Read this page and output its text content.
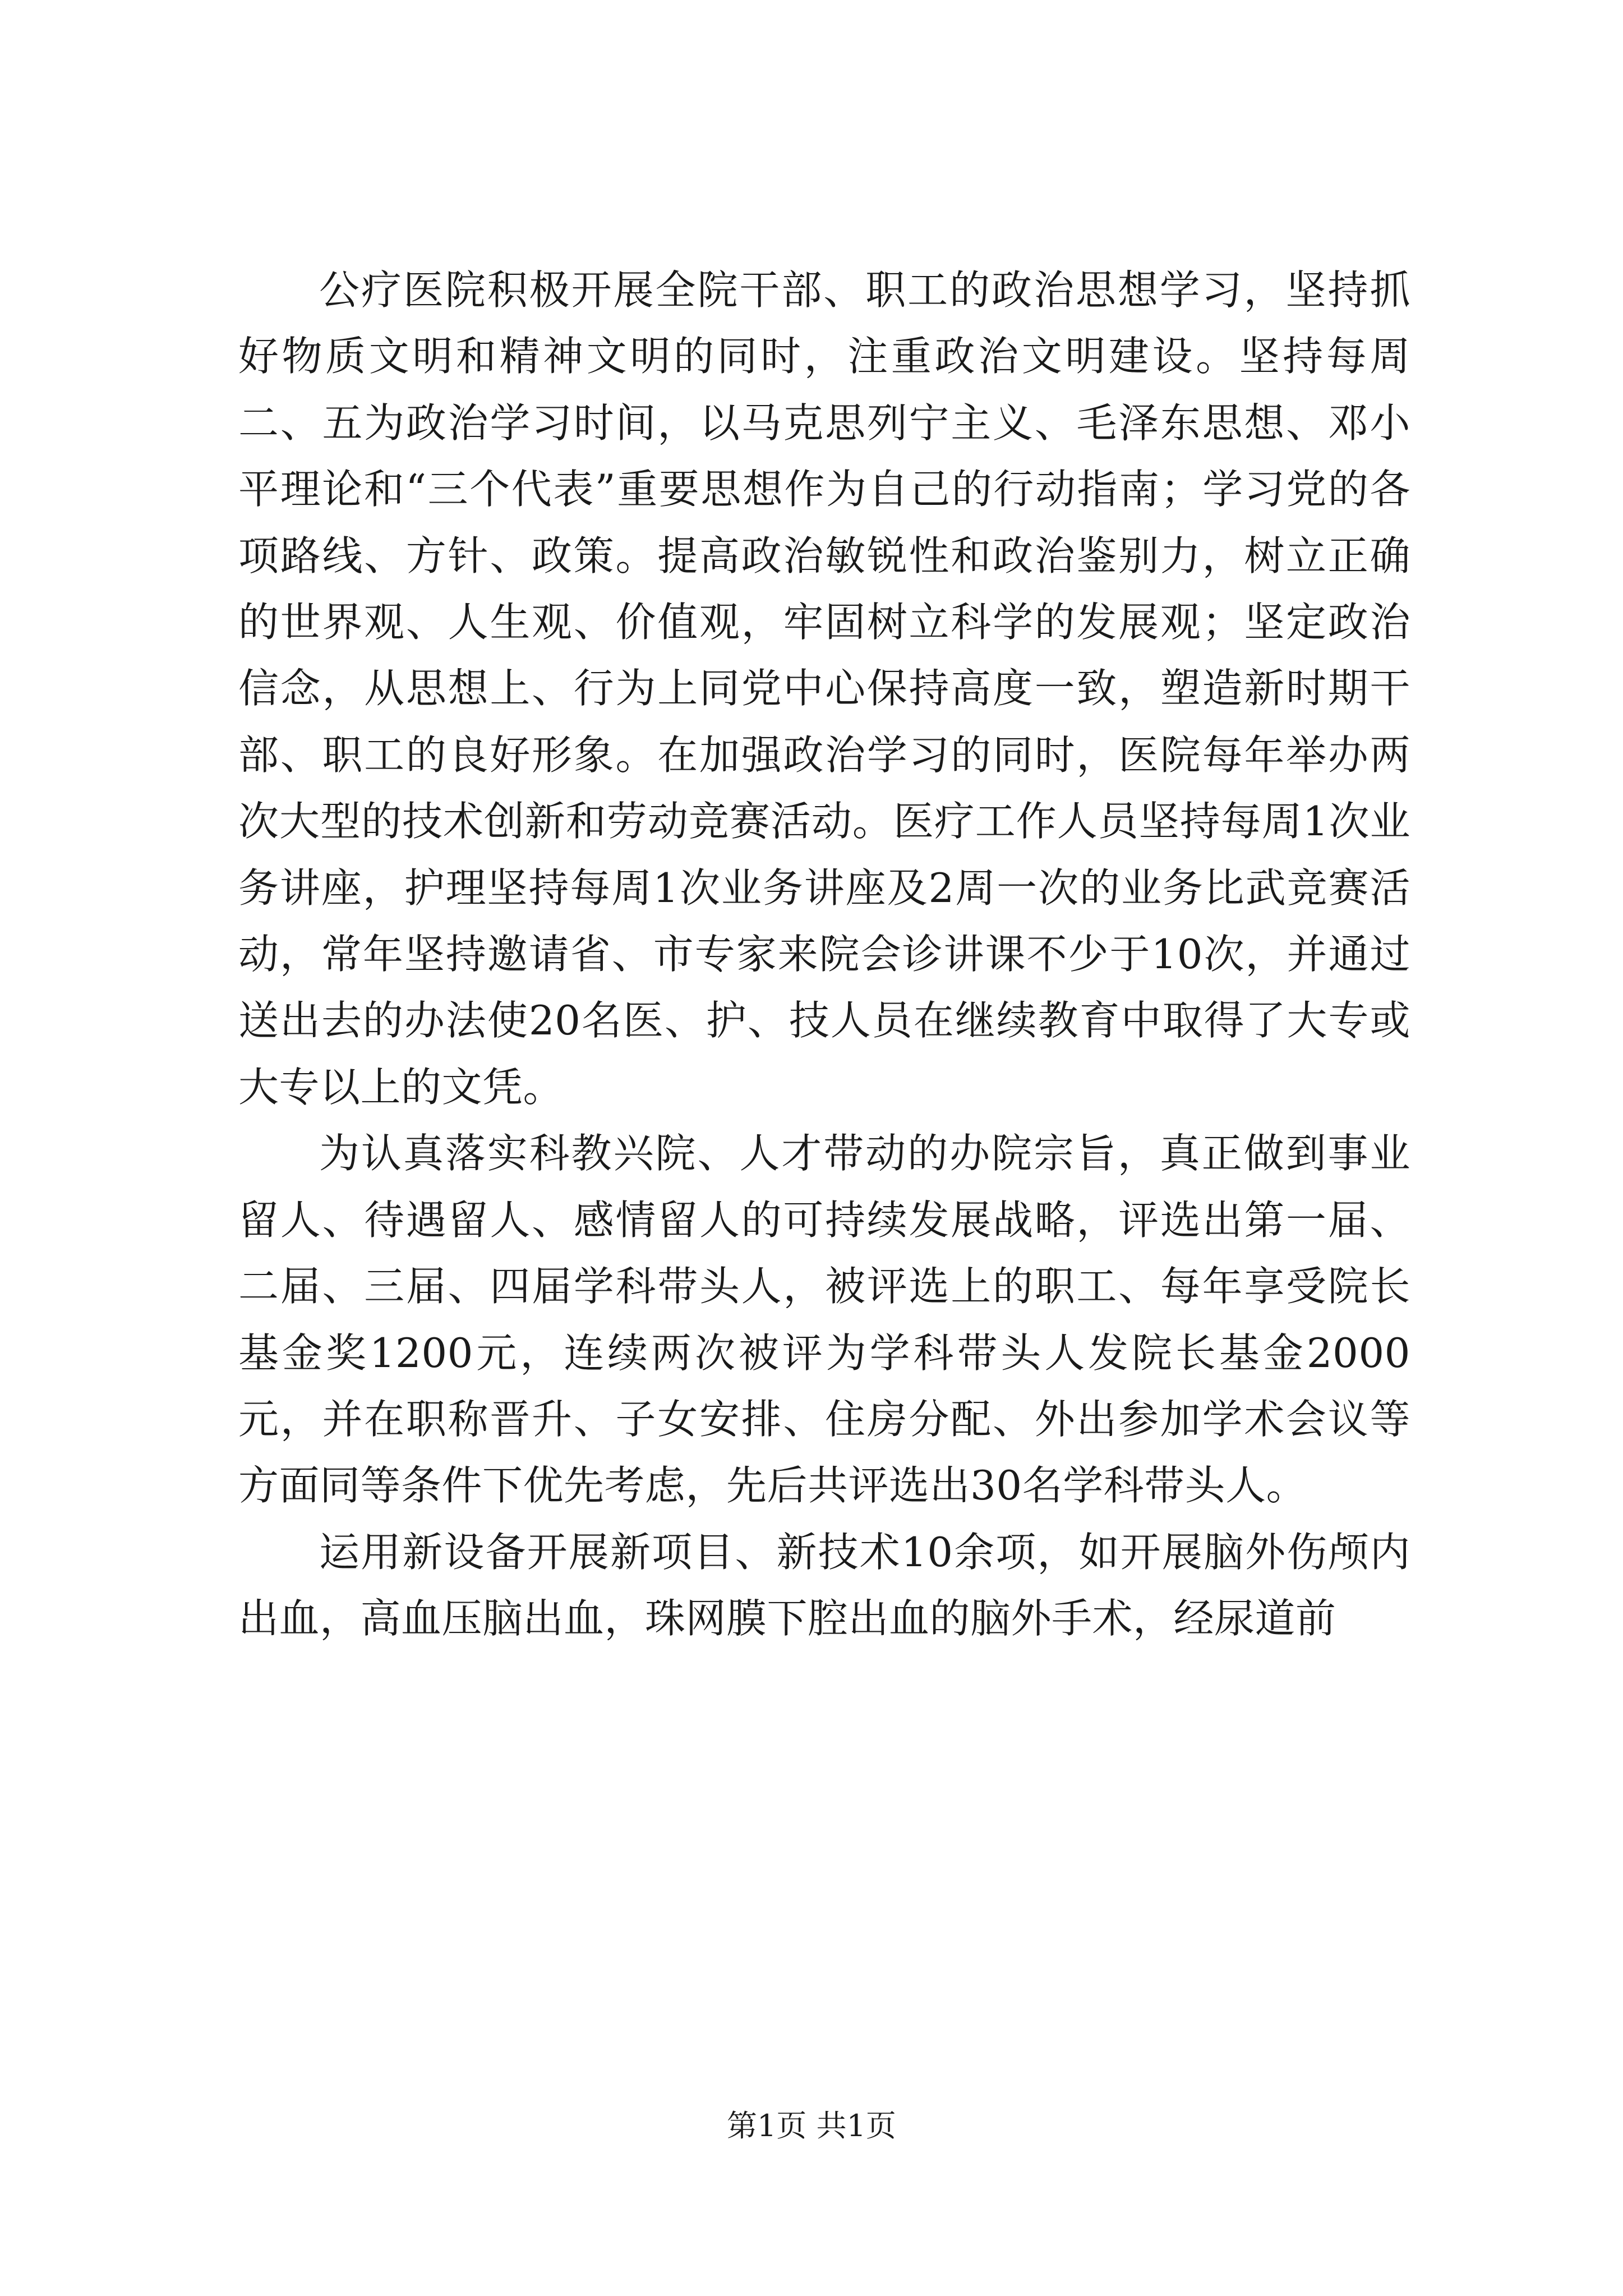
公疗医院积极开展全院干部、职工的政治思想学习，坚持抓好物质文明和精神文明的同时，注重政治文明建设。坚持每周二、五为政治学习时间，以马克思列宁主义、毛泽东思想、邓小平理论和“三个代表”重要思想作为自己的行动指南；学习党的各项路线、方针、政策。提高政治敏锐性和政治鉴别力，树立正确的世界观、人生观、价值观，牢固树立科学的发展观；坚定政治信念，从思想上、行为上同党中心保持高度一致，塑造新时期干部、职工的良好形象。在加强政治学习的同时，医院每年举办两次大型的技术创新和劳动竞赛活动。医疗工作人员坚持每周1次业务讲座，护理坚持每周1次业务讲座及2周一次的业务比武竞赛活动，常年坚持邀请省、市专家来院会诊讲课不少于10次，并通过送出去的办法使20名医、护、技人员在继续教育中取得了大专或大专以上的文凭。

为认真落实科教兴院、人才带动的办院宗旨，真正做到事业留人、待遇留人、感情留人的可持续发展战略，评选出第一届、二届、三届、四届学科带头人，被评选上的职工、每年享受院长基金奖1200元，连续两次被评为学科带头人发院长基金2000元，并在职称晋升、子女安排、住房分配、外出参加学术会议等方面同等条件下优先考虑，先后共评选出30名学科带头人。

运用新设备开展新项目、新技术10余项，如开展脑外伤颅内出血，高血压脑出血，珠网膜下腔出血的脑外手术，经尿道前

第1页 共1页
